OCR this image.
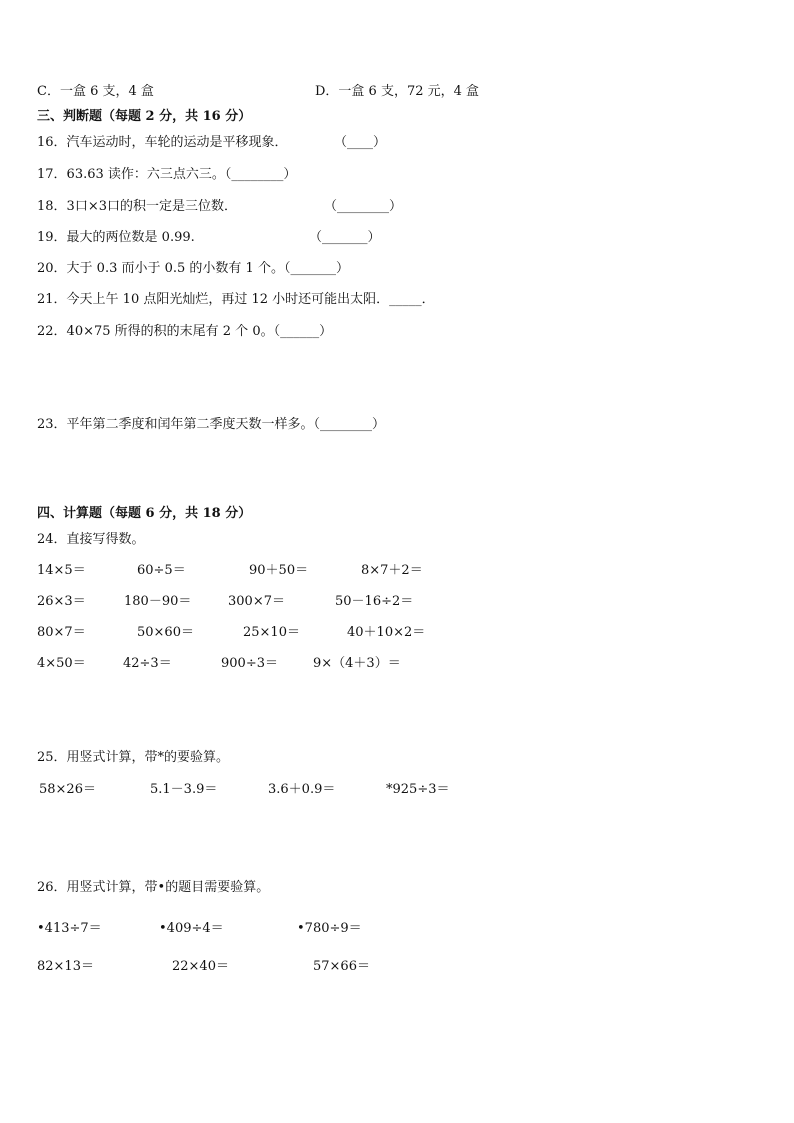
C．一盒 6 支，4 盒	D．一盒 6 支，72 元，4 盒
三、判断题（每题 2 分，共 16 分）
16．汽车运动时，车轮的运动是平移现象．	（____）
17．63.63 读作：六三点六三。（________）
18．3口×3口的积一定是三位数．	（________）
19．最大的两位数是 0.99.	（_______）
20．大于 0.3 而小于 0.5 的小数有 1 个。（_______）
21．今天上午 10 点阳光灿烂，再过 12 小时还可能出太阳．_____．
22．40×75 所得的积的末尾有 2 个 0。（______）
23．平年第二季度和闰年第二季度天数一样多。（________）
四、计算题（每题 6 分，共 18 分）
24．直接写得数。
14×5＝	60÷5＝	90＋50＝	8×7＋2＝
26×3＝	180－90＝	300×7＝	50－16÷2＝
80×7＝	50×60＝	25×10＝	40＋10×2＝
4×50＝	42÷3＝	900÷3＝	9×（4＋3）＝
25．用竖式计算，带*的要验算。
58×26＝	5.1－3.9＝	3.6＋0.9＝	*925÷3＝
26．用竖式计算，带•的题目需要验算。
•413÷7＝	•409÷4＝	•780÷9＝
82×13＝	22×40＝	57×66＝
